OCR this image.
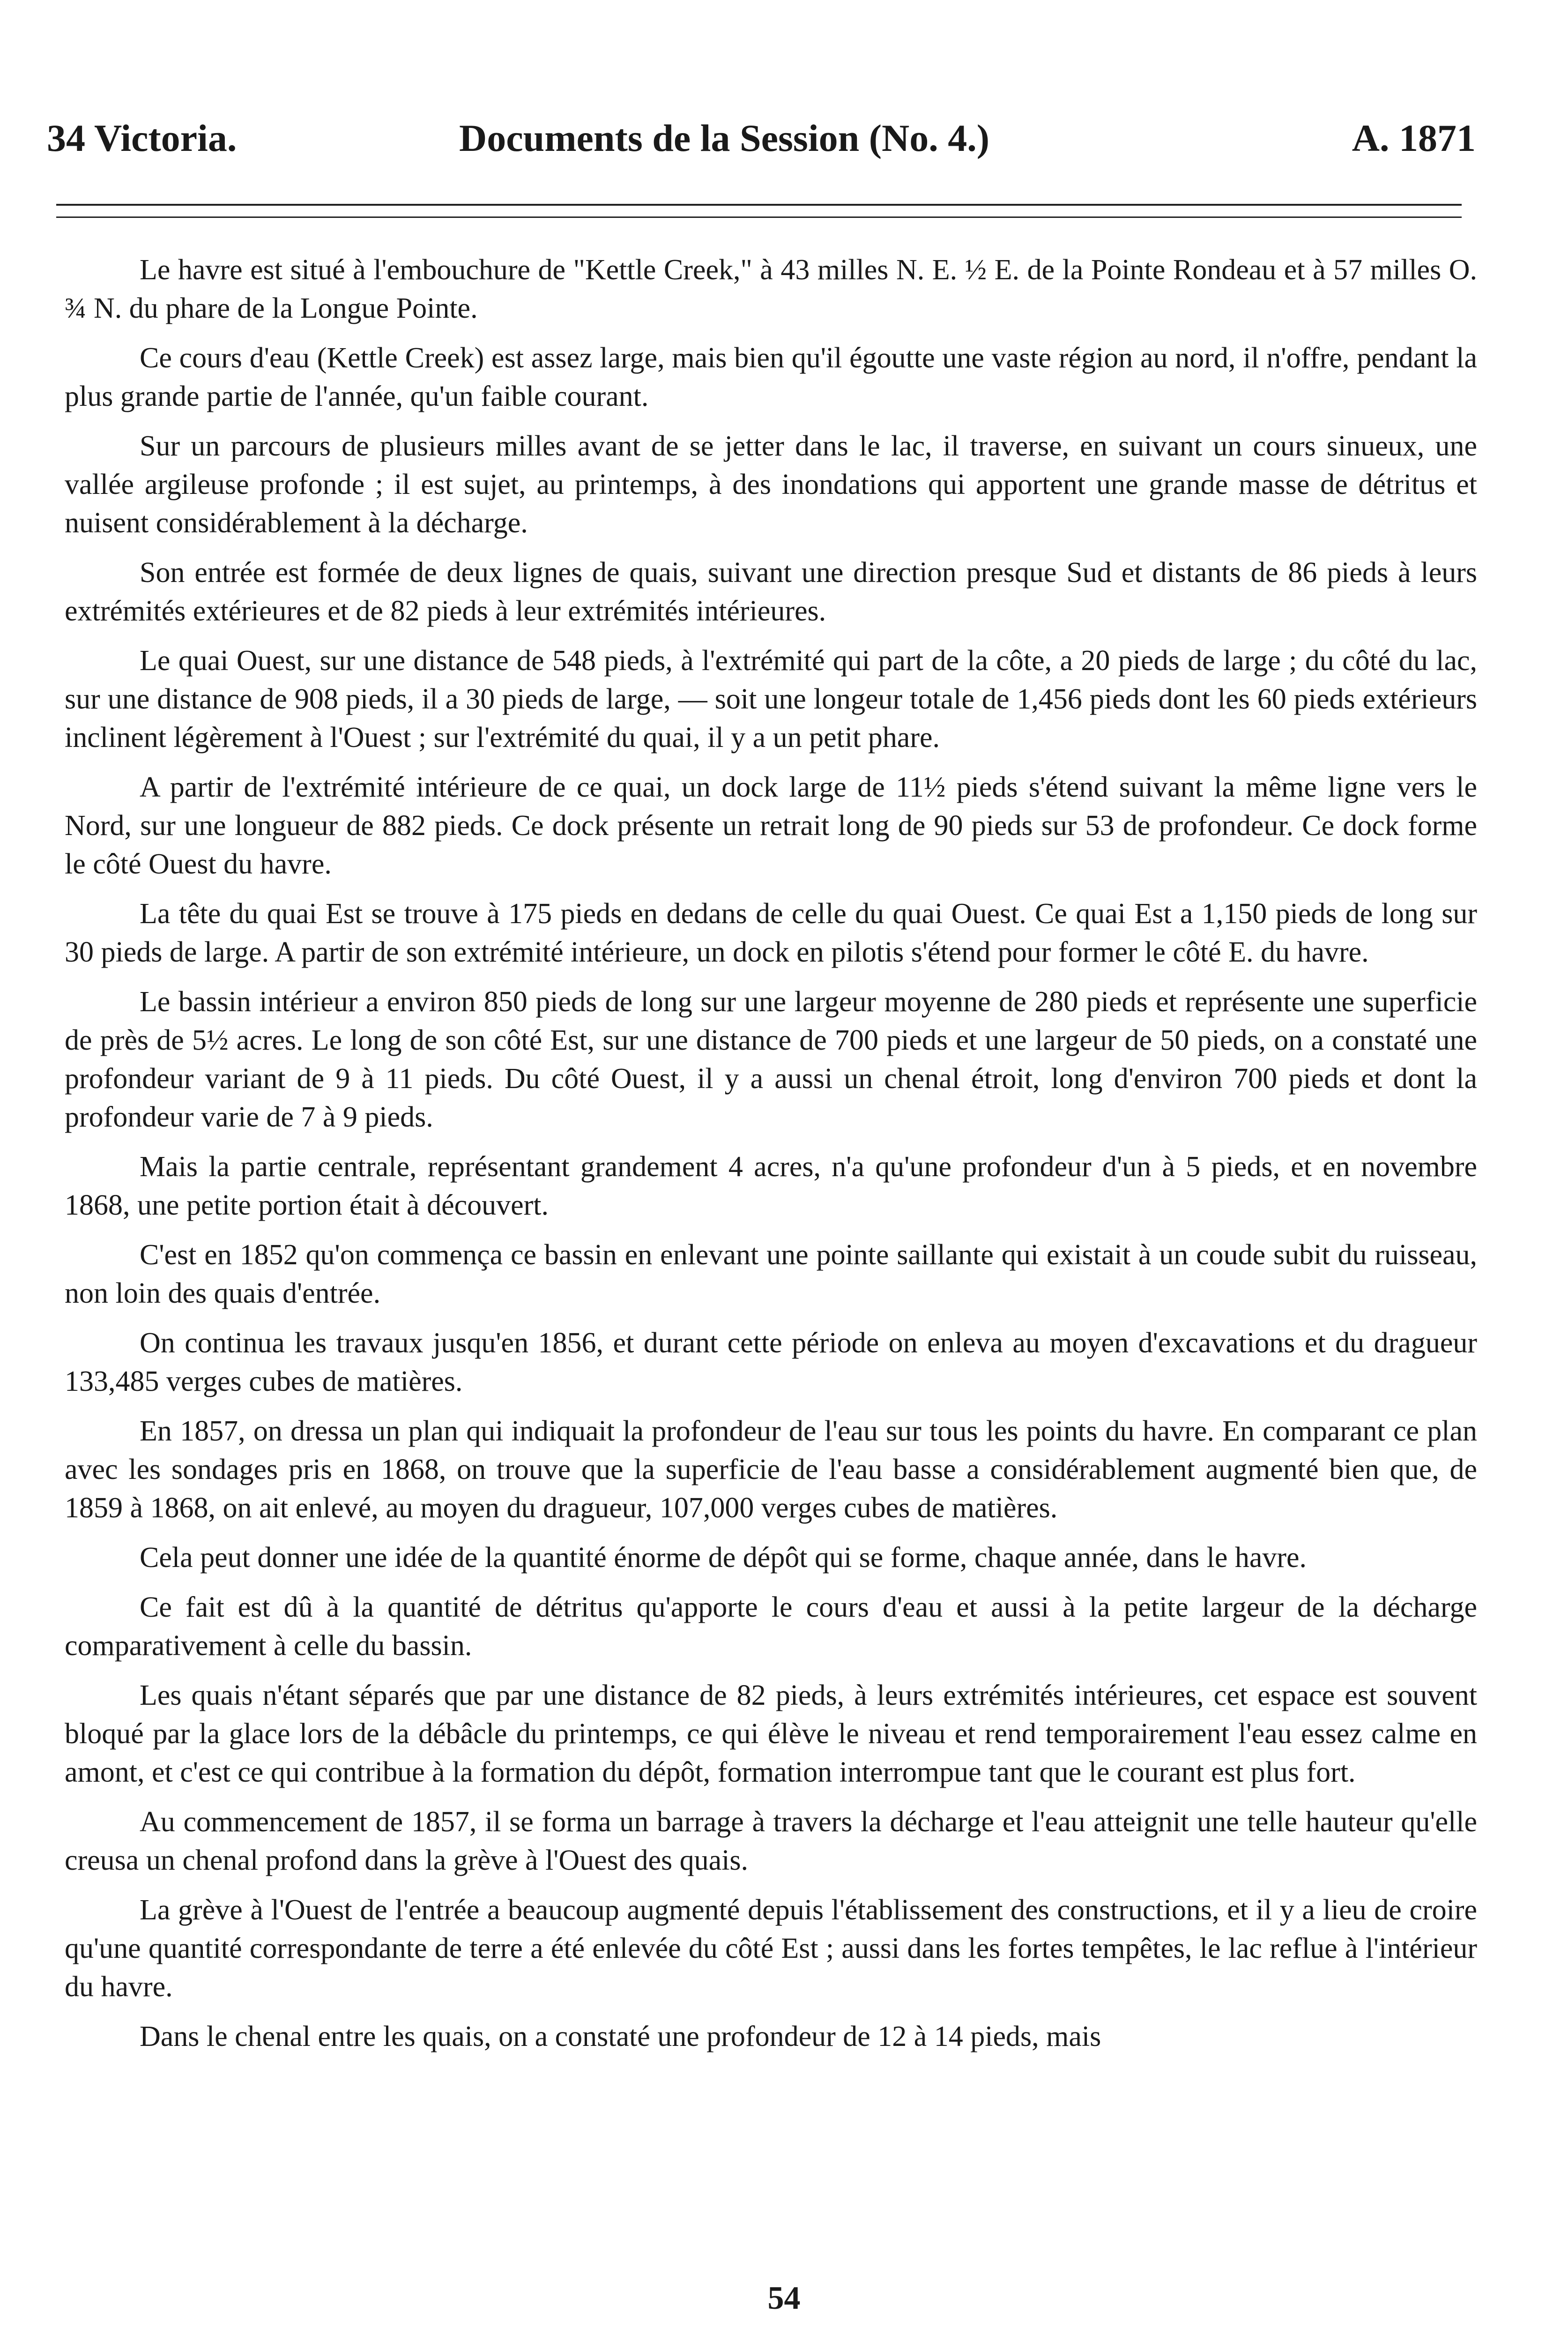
34 Victoria.	Documents de la Session (No. 4.)	A. 1871

Le havre est situé à l'embouchure de "Kettle Creek," à 43 milles N. E. ½ E. de la Pointe Rondeau et à 57 milles O. ¾ N. du phare de la Longue Pointe.

Ce cours d'eau (Kettle Creek) est assez large, mais bien qu'il égoutte une vaste région au nord, il n'offre, pendant la plus grande partie de l'année, qu'un faible courant.

Sur un parcours de plusieurs milles avant de se jetter dans le lac, il traverse, en suivant un cours sinueux, une vallée argileuse profonde ; il est sujet, au printemps, à des inondations qui apportent une grande masse de détritus et nuisent considérablement à la décharge.

Son entrée est formée de deux lignes de quais, suivant une direction presque Sud et distants de 86 pieds à leurs extrémités extérieures et de 82 pieds à leur extrémités intérieures.

Le quai Ouest, sur une distance de 548 pieds, à l'extrémité qui part de la côte, a 20 pieds de large ; du côté du lac, sur une distance de 908 pieds, il a 30 pieds de large, — soit une longeur totale de 1,456 pieds dont les 60 pieds extérieurs inclinent légèrement à l'Ouest ; sur l'extrémité du quai, il y a un petit phare.

A partir de l'extrémité intérieure de ce quai, un dock large de 11½ pieds s'étend suivant la même ligne vers le Nord, sur une longueur de 882 pieds. Ce dock présente un retrait long de 90 pieds sur 53 de profondeur. Ce dock forme le côté Ouest du havre.

La tête du quai Est se trouve à 175 pieds en dedans de celle du quai Ouest. Ce quai Est a 1,150 pieds de long sur 30 pieds de large. A partir de son extrémité intérieure, un dock en pilotis s'étend pour former le côté E. du havre.

Le bassin intérieur a environ 850 pieds de long sur une largeur moyenne de 280 pieds et représente une superficie de près de 5½ acres. Le long de son côté Est, sur une distance de 700 pieds et une largeur de 50 pieds, on a constaté une profondeur variant de 9 à 11 pieds. Du côté Ouest, il y a aussi un chenal étroit, long d'environ 700 pieds et dont la profondeur varie de 7 à 9 pieds.

Mais la partie centrale, représentant grandement 4 acres, n'a qu'une profondeur d'un à 5 pieds, et en novembre 1868, une petite portion était à découvert.

C'est en 1852 qu'on commença ce bassin en enlevant une pointe saillante qui existait à un coude subit du ruisseau, non loin des quais d'entrée.

On continua les travaux jusqu'en 1856, et durant cette période on enleva au moyen d'excavations et du dragueur 133,485 verges cubes de matières.

En 1857, on dressa un plan qui indiquait la profondeur de l'eau sur tous les points du havre. En comparant ce plan avec les sondages pris en 1868, on trouve que la superficie de l'eau basse a considérablement augmenté bien que, de 1859 à 1868, on ait enlevé, au moyen du dragueur, 107,000 verges cubes de matières.

Cela peut donner une idée de la quantité énorme de dépôt qui se forme, chaque année, dans le havre.

Ce fait est dû à la quantité de détritus qu'apporte le cours d'eau et aussi à la petite largeur de la décharge comparativement à celle du bassin.

Les quais n'étant séparés que par une distance de 82 pieds, à leurs extrémités intérieures, cet espace est souvent bloqué par la glace lors de la débâcle du printemps, ce qui élève le niveau et rend temporairement l'eau essez calme en amont, et c'est ce qui contribue à la formation du dépôt, formation interrompue tant que le courant est plus fort.

Au commencement de 1857, il se forma un barrage à travers la décharge et l'eau atteignit une telle hauteur qu'elle creusa un chenal profond dans la grève à l'Ouest des quais.

La grève à l'Ouest de l'entrée a beaucoup augmenté depuis l'établissement des constructions, et il y a lieu de croire qu'une quantité correspondante de terre a été enlevée du côté Est ; aussi dans les fortes tempêtes, le lac reflue à l'intérieur du havre.

Dans le chenal entre les quais, on a constaté une profondeur de 12 à 14 pieds, mais

54
